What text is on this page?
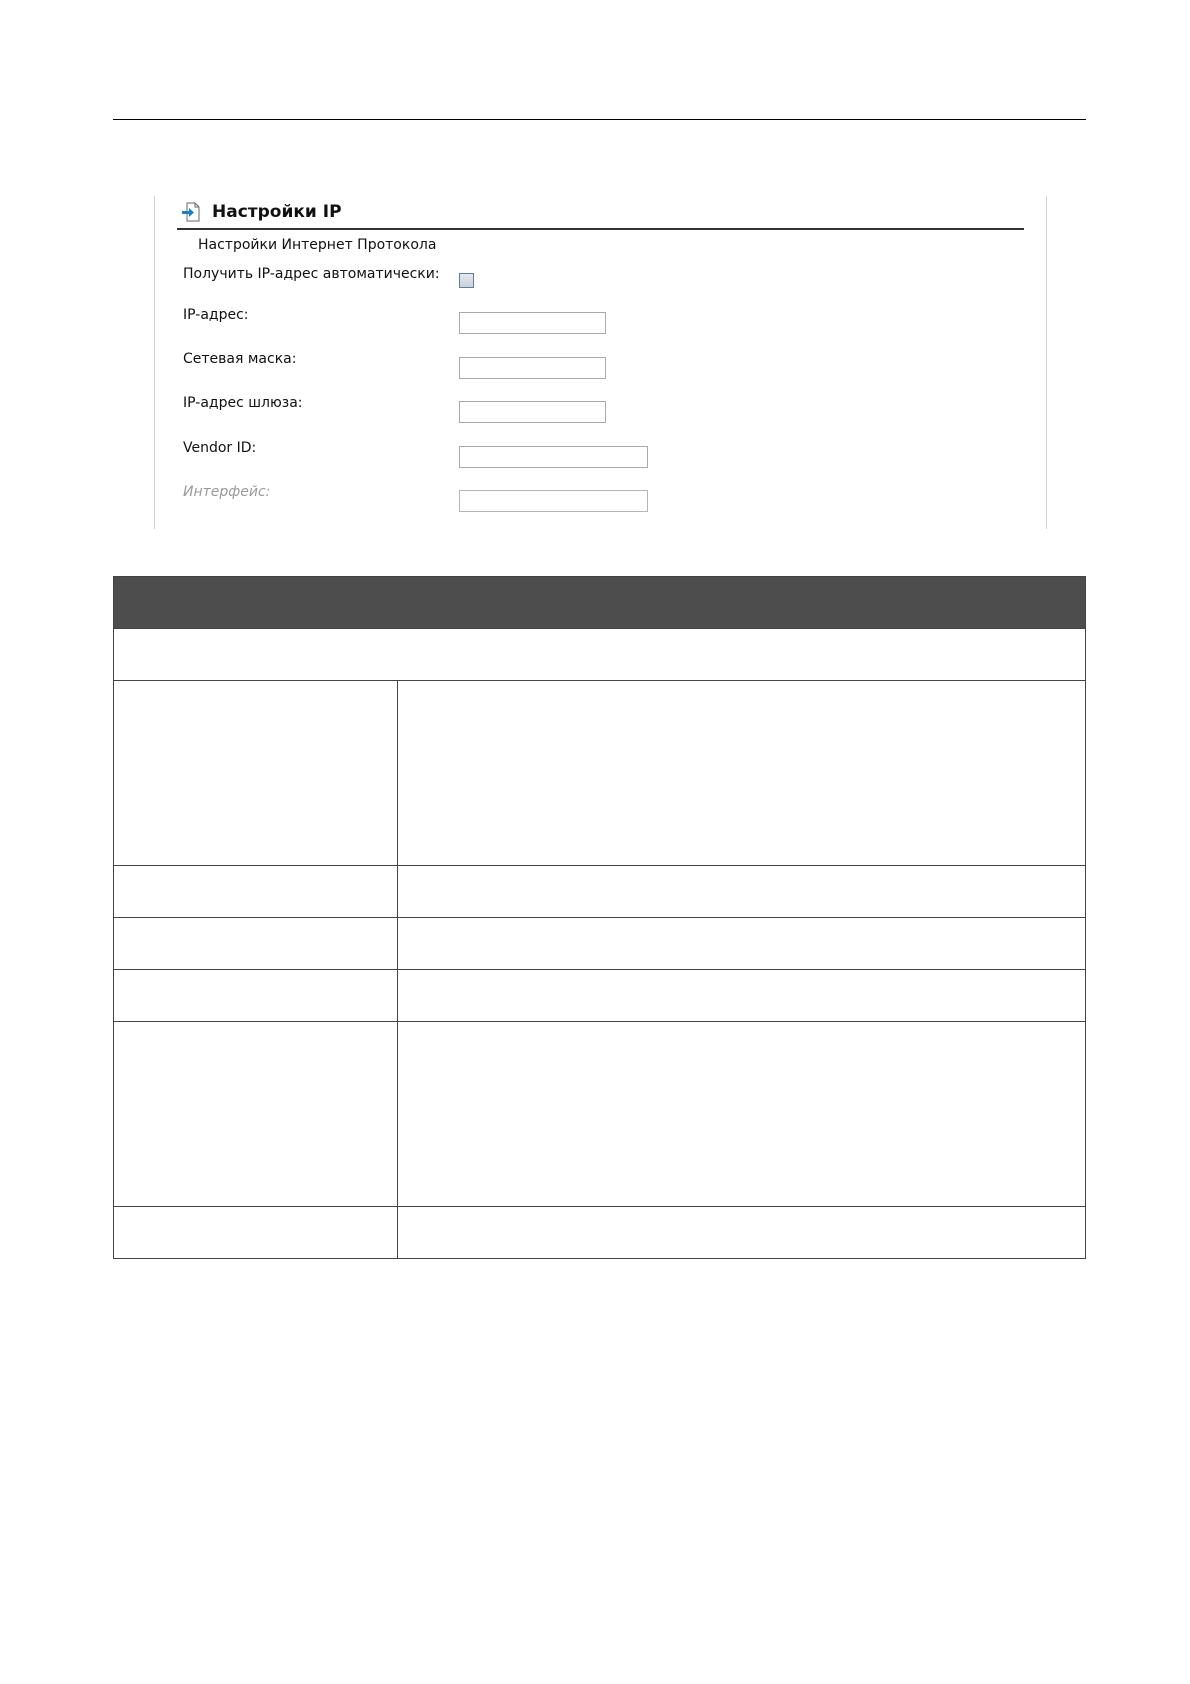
Настройки IP
Настройки Интернет Протокола
Получить IP-адрес автоматически:
IP-адрес:
Сетевая маска:
IP-адрес шлюза:
Vendor ID:
Интерфейс:
